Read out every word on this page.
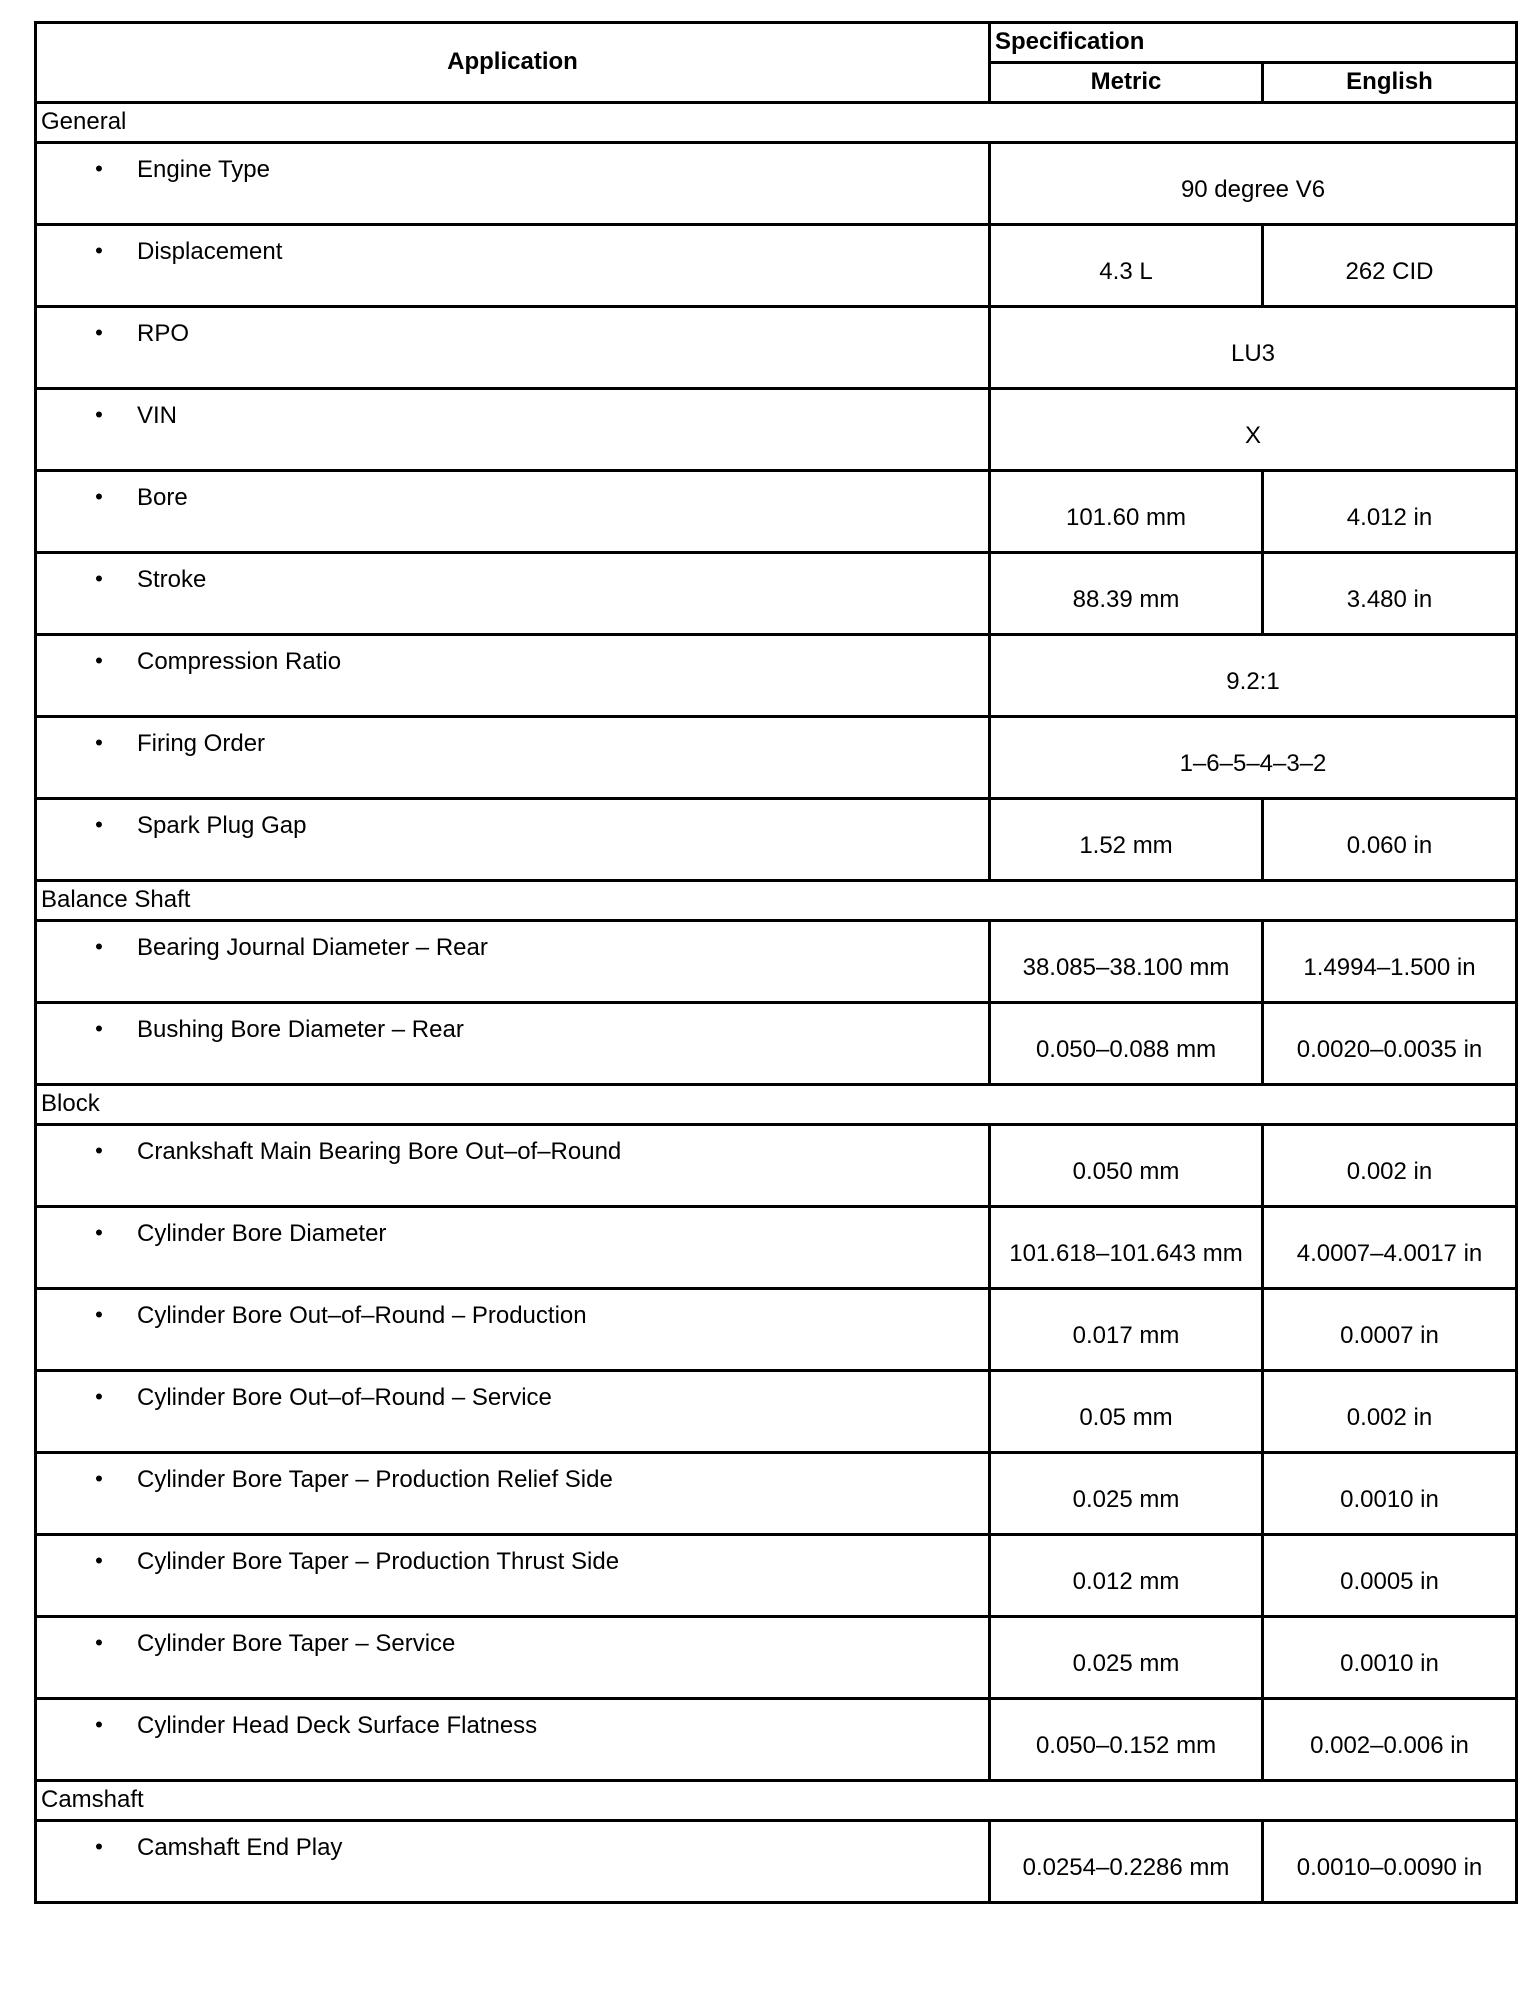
Application	Specification	
	Metric	English
General		

• Engine Type	90 degree V6	

• Displacement	4.3 L	262 CID

• RPO	LU3	

• VIN	X	

• Bore	101.60 mm	4.012 in

• Stroke	88.39 mm	3.480 in

• Compression Ratio	9.2:1	

• Firing Order	1–6–5–4–3–2	

• Spark Plug Gap	1.52 mm	0.060 in
Balance Shaft		

• Bearing Journal Diameter – Rear	38.085–38.100 mm	1.4994–1.500 in

• Bushing Bore Diameter – Rear	0.050–0.088 mm	0.0020–0.0035 in
Block		

• Crankshaft Main Bearing Bore Out–of–Round	0.050 mm	0.002 in

• Cylinder Bore Diameter	101.618–101.643 mm	4.0007–4.0017 in

• Cylinder Bore Out–of–Round – Production	0.017 mm	0.0007 in

• Cylinder Bore Out–of–Round – Service	0.05 mm	0.002 in

• Cylinder Bore Taper – Production Relief Side	0.025 mm	0.0010 in

• Cylinder Bore Taper – Production Thrust Side	0.012 mm	0.0005 in

• Cylinder Bore Taper – Service	0.025 mm	0.0010 in

• Cylinder Head Deck Surface Flatness	0.050–0.152 mm	0.002–0.006 in
Camshaft		

• Camshaft End Play	0.0254–0.2286 mm	0.0010–0.0090 in
